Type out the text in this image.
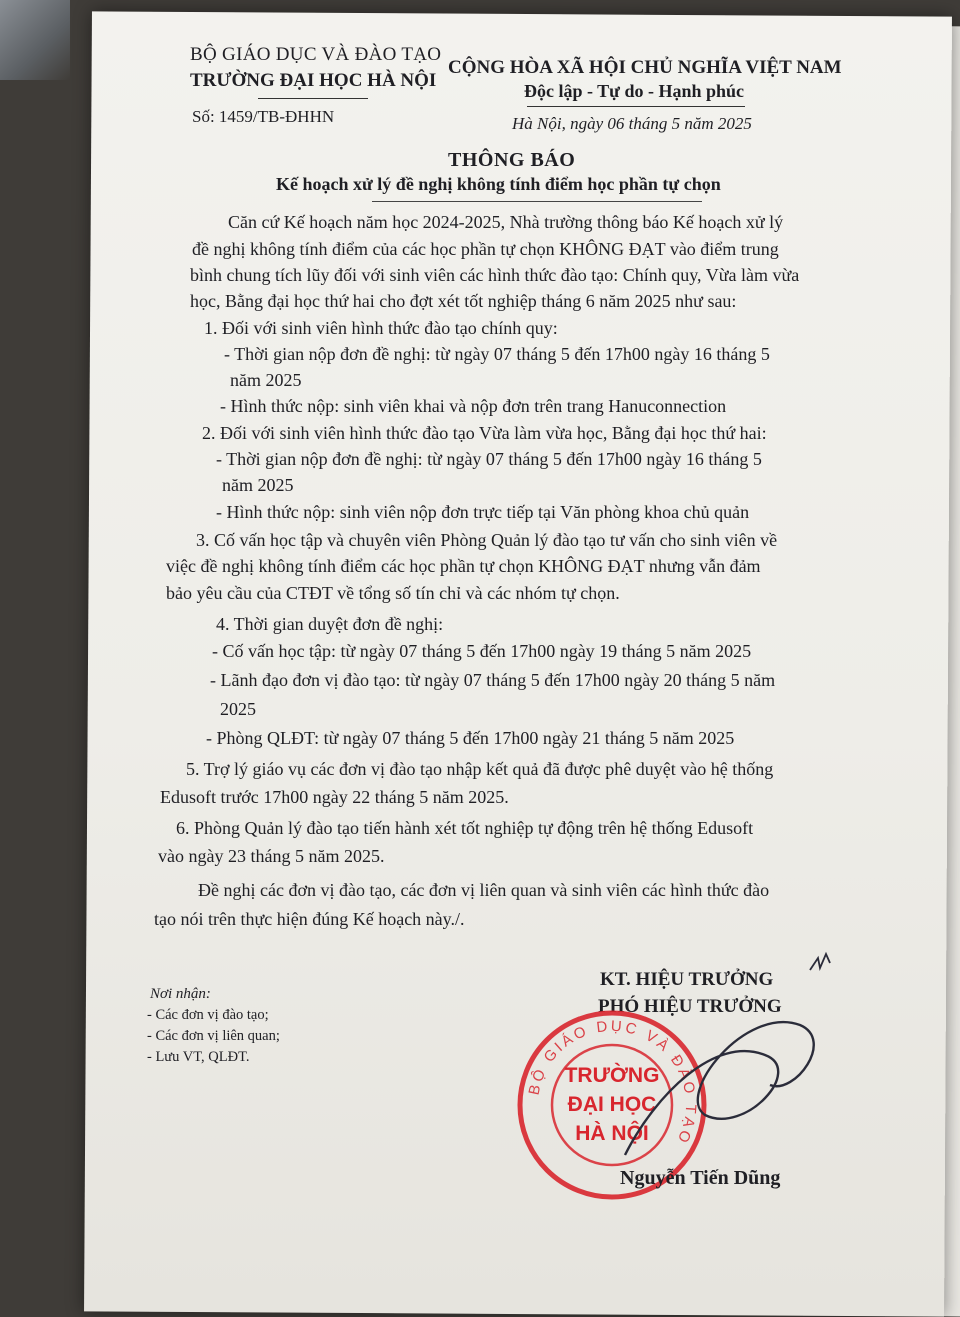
BỘ GIÁO DỤC VÀ ĐÀO TẠO
TRƯỜNG ĐẠI HỌC HÀ NỘI
CỘNG HÒA XÃ HỘI CHỦ NGHĨA VIỆT NAM
Độc lập - Tự do - Hạnh phúc
Số: 1459/TB-ĐHHN	Hà Nội, ngày 06 tháng 5 năm 2025
THÔNG BÁO
Kế hoạch xử lý đề nghị không tính điểm học phần tự chọn
Căn cứ Kế hoạch năm học 2024-2025, Nhà trường thông báo Kế hoạch xử lý
đề nghị không tính điểm của các học phần tự chọn KHÔNG ĐẠT vào điểm trung
bình chung tích lũy đối với sinh viên các hình thức đào tạo: Chính quy, Vừa làm vừa
học, Bằng đại học thứ hai cho đợt xét tốt nghiệp tháng 6 năm 2025 như sau:
1. Đối với sinh viên hình thức đào tạo chính quy:
- Thời gian nộp đơn đề nghị: từ ngày 07 tháng 5 đến 17h00 ngày 16 tháng 5
năm 2025
- Hình thức nộp: sinh viên khai và nộp đơn trên trang Hanuconnection
2. Đối với sinh viên hình thức đào tạo Vừa làm vừa học, Bằng đại học thứ hai:
- Thời gian nộp đơn đề nghị: từ ngày 07 tháng 5 đến 17h00 ngày 16 tháng 5
năm 2025
- Hình thức nộp: sinh viên nộp đơn trực tiếp tại Văn phòng khoa chủ quản
3. Cố vấn học tập và chuyên viên Phòng Quản lý đào tạo tư vấn cho sinh viên về
việc đề nghị không tính điểm các học phần tự chọn KHÔNG ĐẠT nhưng vẫn đảm
bảo yêu cầu của CTĐT về tổng số tín chỉ và các nhóm tự chọn.
4. Thời gian duyệt đơn đề nghị:
- Cố vấn học tập: từ ngày 07 tháng 5 đến 17h00 ngày 19 tháng 5 năm 2025
- Lãnh đạo đơn vị đào tạo: từ ngày 07 tháng 5 đến 17h00 ngày 20 tháng 5 năm
2025
- Phòng QLĐT: từ ngày 07 tháng 5 đến 17h00 ngày 21 tháng 5 năm 2025
5. Trợ lý giáo vụ các đơn vị đào tạo nhập kết quả đã được phê duyệt vào hệ thống
Edusoft trước 17h00 ngày 22 tháng 5 năm 2025.
6. Phòng Quản lý đào tạo tiến hành xét tốt nghiệp tự động trên hệ thống Edusoft
vào ngày 23 tháng 5 năm 2025.
Đề nghị các đơn vị đào tạo, các đơn vị liên quan và sinh viên các hình thức đào
tạo nói trên thực hiện đúng Kế hoạch này./.
Nơi nhận:
- Các đơn vị đào tạo;
- Các đơn vị liên quan;
- Lưu VT, QLĐT.
KT. HIỆU TRƯỞNG
PHÓ HIỆU TRƯỞNG
BỘ GIÁO DỤC VÀ ĐÀO TẠO
TRƯỜNG
ĐẠI HỌC
HÀ NỘI
Nguyễn Tiến Dũng
